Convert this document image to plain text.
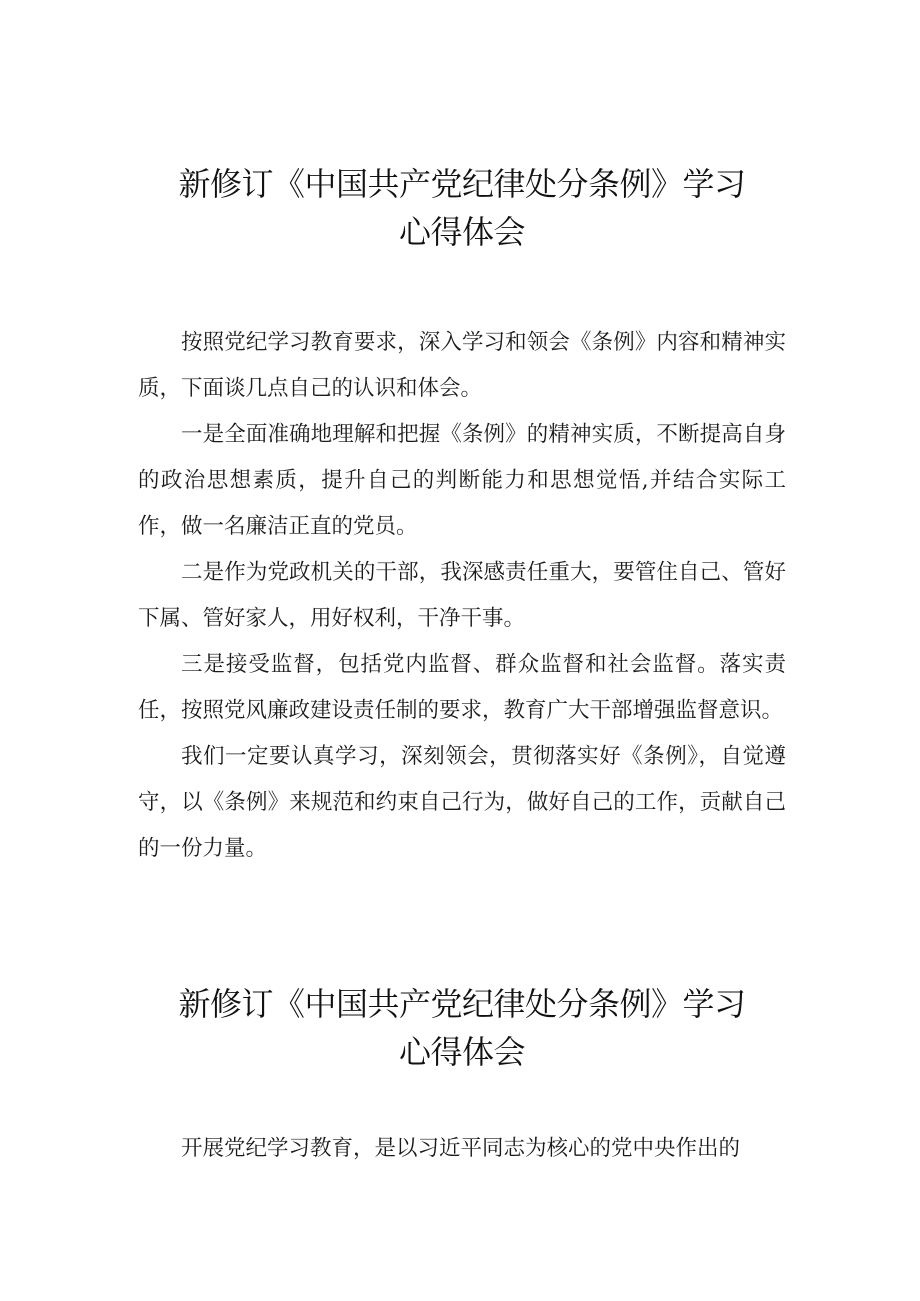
新修订《中国共产党纪律处分条例》学习
心得体会

按照党纪学习教育要求，深入学习和领会《条例》内容和精神实质，下面谈几点自己的认识和体会。

一是全面准确地理解和把握《条例》的精神实质，不断提高自身的政治思想素质，提升自己的判断能力和思想觉悟,并结合实际工作，做一名廉洁正直的党员。

二是作为党政机关的干部，我深感责任重大，要管住自己、管好下属、管好家人，用好权利，干净干事。

三是接受监督，包括党内监督、群众监督和社会监督。落实责任，按照党风廉政建设责任制的要求，教育广大干部增强监督意识。

我们一定要认真学习，深刻领会，贯彻落实好《条例》，自觉遵守，以《条例》来规范和约束自己行为，做好自己的工作，贡献自己的一份力量。

新修订《中国共产党纪律处分条例》学习
心得体会

开展党纪学习教育，是以习近平同志为核心的党中央作出的
